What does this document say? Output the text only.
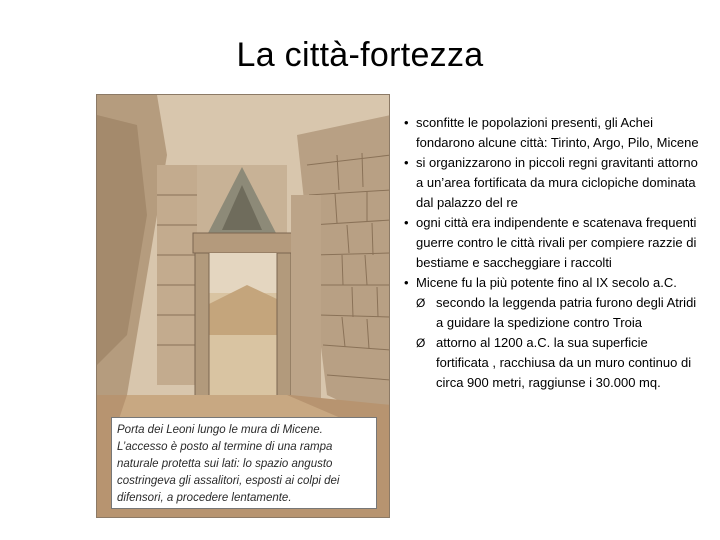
La città-fortezza
Porta dei Leoni lungo le mura di Micene. L’accesso è posto al termine di una rampa naturale protetta sui lati: lo spazio angusto costringeva gli assalitori, esposti ai colpi dei difensori, a procedere lentamente.
• sconfitte le popolazioni presenti, gli Achei fondarono alcune città: Tirinto, Argo, Pilo, Micene
• si organizzarono in piccoli regni gravitanti attorno a un’area fortificata da mura ciclopiche dominata dal palazzo del re
• ogni città era indipendente e scatenava frequenti guerre contro le città rivali per compiere razzie di bestiame e saccheggiare i raccolti
• Micene fu la più potente fino al IX secolo a.C.
Ø secondo la leggenda patria furono degli Atridi a guidare la spedizione contro Troia
Ø attorno al 1200 a.C. la sua superficie fortificata , racchiusa da un muro continuo di circa 900 metri, raggiunse i 30.000 mq.
